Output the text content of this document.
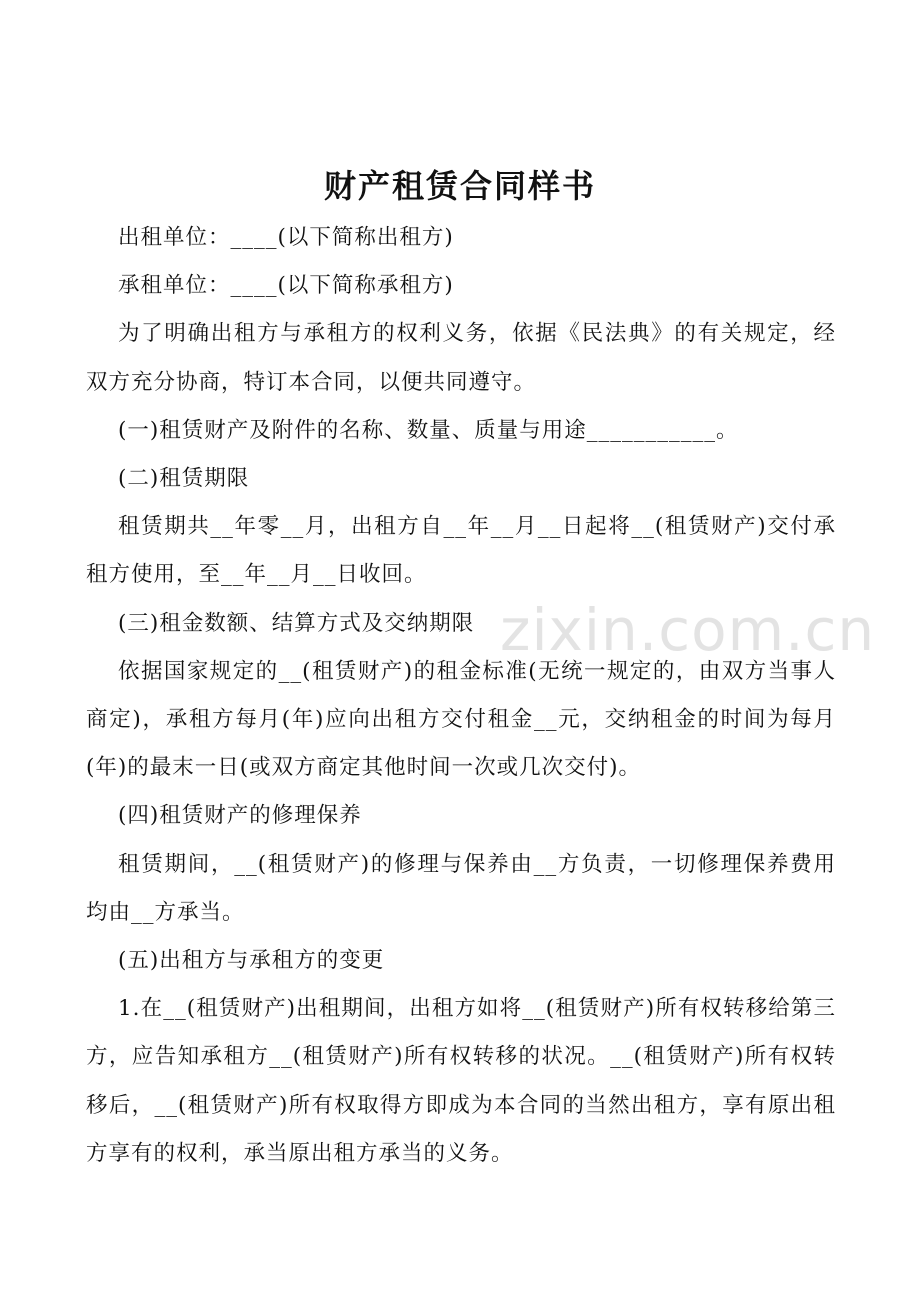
zixin.com.cn
财产租赁合同样书

出租单位：____(以下简称出租方)

承租单位：____(以下简称承租方)

为了明确出租方与承租方的权利义务，依据《民法典》的有关规定，经双方充分协商，特订本合同，以便共同遵守。

(一)租赁财产及附件的名称、数量、质量与用途___________。

(二)租赁期限

租赁期共__年零__月，出租方自__年__月__日起将__(租赁财产)交付承租方使用，至__年__月__日收回。

(三)租金数额、结算方式及交纳期限

依据国家规定的__(租赁财产)的租金标准(无统一规定的，由双方当事人商定)，承租方每月(年)应向出租方交付租金__元，交纳租金的时间为每月(年)的最末一日(或双方商定其他时间一次或几次交付)。

(四)租赁财产的修理保养

租赁期间，__(租赁财产)的修理与保养由__方负责，一切修理保养费用均由__方承当。

(五)出租方与承租方的变更

1.在__(租赁财产)出租期间，出租方如将__(租赁财产)所有权转移给第三方，应告知承租方__(租赁财产)所有权转移的状况。__(租赁财产)所有权转移后，__(租赁财产)所有权取得方即成为本合同的当然出租方，享有原出租方享有的权利，承当原出租方承当的义务。
